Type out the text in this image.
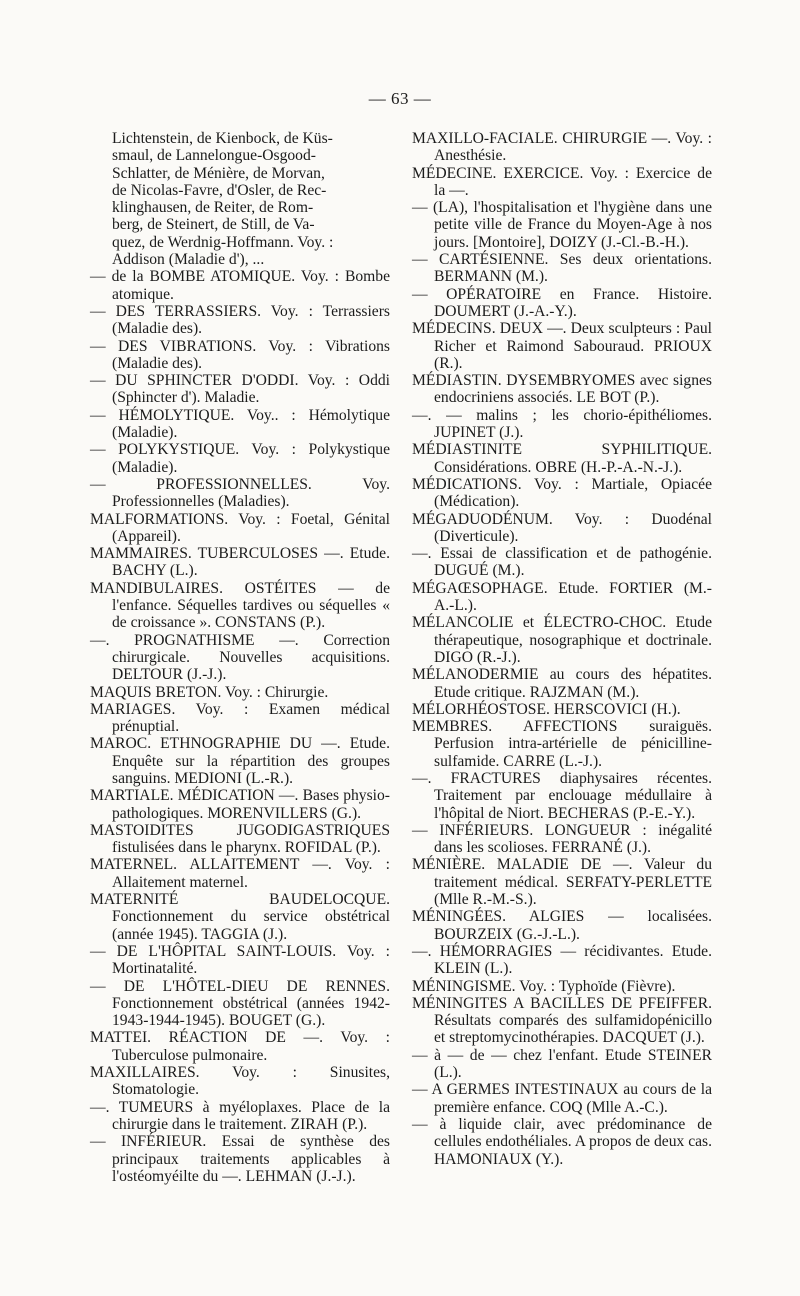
— 63 —

Lichtenstein, de Kienbock, de Küs-

smaul, de Lannelongue-Osgood-

Schlatter, de Ménière, de Morvan,

de Nicolas-Favre, d'Osler, de Rec-

klinghausen, de Reiter, de Rom-

berg, de Steinert, de Still, de Va-

quez, de Werdnig-Hoffmann. Voy. :

Addison (Maladie d'), ...

— de la BOMBE ATOMIQUE. Voy. : Bombe atomique.

— DES TERRASSIERS. Voy. : Terrassiers (Maladie des).

— DES VIBRATIONS. Voy. : Vibrations (Maladie des).

— DU SPHINCTER D'ODDI. Voy. : Oddi (Sphincter d'). Maladie.

— HÉMOLYTIQUE. Voy.. : Hémolytique (Maladie).

— POLYKYSTIQUE. Voy. : Polykystique (Maladie).

— PROFESSIONNELLES. Voy. Professionnelles (Maladies).

MALFORMATIONS. Voy. : Foetal, Génital (Appareil).

MAMMAIRES. TUBERCULOSES —. Etude. BACHY (L.).

MANDIBULAIRES. OSTÉITES — de l'enfance. Séquelles tardives ou séquelles « de croissance ». CONSTANS (P.).

—. PROGNATHISME —. Correction chirurgicale. Nouvelles acquisitions. DELTOUR (J.-J.).

MAQUIS BRETON. Voy. : Chirurgie.

MARIAGES. Voy. : Examen médical prénuptial.

MAROC. ETHNOGRAPHIE DU —. Etude. Enquête sur la répartition des groupes sanguins. MEDIONI (L.-R.).

MARTIALE. MÉDICATION —. Bases physio-pathologiques. MORENVILLERS (G.).

MASTOIDITES JUGODIGASTRIQUES fistulisées dans le pharynx. ROFIDAL (P.).

MATERNEL. ALLAITEMENT —. Voy. : Allaitement maternel.

MATERNITÉ BAUDELOCQUE. Fonctionnement du service obstétrical (année 1945). TAGGIA (J.).

— DE L'HÔPITAL SAINT-LOUIS. Voy. : Mortinatalité.

— DE L'HÔTEL-DIEU DE RENNES. Fonctionnement obstétrical (années 1942-1943-1944-1945). BOUGET (G.).

MATTEI. RÉACTION DE —. Voy. : Tuberculose pulmonaire.

MAXILLAIRES. Voy. : Sinusites, Stomatologie.

—. TUMEURS à myéloplaxes. Place de la chirurgie dans le traitement. ZIRAH (P.).

— INFÉRIEUR. Essai de synthèse des principaux traitements applicables à l'ostéomyéilte du —. LEHMAN (J.-J.).

MAXILLO-FACIALE. CHIRURGIE —. Voy. : Anesthésie.

MÉDECINE. EXERCICE. Voy. : Exercice de la —.

— (LA), l'hospitalisation et l'hygiène dans une petite ville de France du Moyen-Age à nos jours. [Montoire], DOIZY (J.-Cl.-B.-H.).

— CARTÉSIENNE. Ses deux orientations. BERMANN (M.).

— OPÉRATOIRE en France. Histoire. DOUMERT (J.-A.-Y.).

MÉDECINS. DEUX —. Deux sculpteurs : Paul Richer et Raimond Sabouraud. PRIOUX (R.).

MÉDIASTIN. DYSEMBRYOMES avec signes endocriniens associés. LE BOT (P.).

—. — malins ; les chorio-épithéliomes. JUPINET (J.).

MÉDIASTINITE SYPHILITIQUE. Considérations. OBRE (H.-P.-A.-N.-J.).

MÉDICATIONS. Voy. : Martiale, Opiacée (Médication).

MÉGADUODÉNUM. Voy. : Duodénal (Diverticule).

—. Essai de classification et de pathogénie. DUGUÉ (M.).

MÉGAŒSOPHAGE. Etude. FORTIER (M.-A.-L.).

MÉLANCOLIE et ÉLECTRO-CHOC. Etude thérapeutique, nosographique et doctrinale. DIGO (R.-J.).

MÉLANODERMIE au cours des hépatites. Etude critique. RAJZMAN (M.).

MÉLORHÉOSTOSE. HERSCOVICI (H.).

MEMBRES. AFFECTIONS suraiguës. Perfusion intra-artérielle de pénicilline-sulfamide. CARRE (L.-J.).

—. FRACTURES diaphysaires récentes. Traitement par enclouage médullaire à l'hôpital de Niort. BECHERAS (P.-E.-Y.).

— INFÉRIEURS. LONGUEUR : inégalité dans les scolioses. FERRANÉ (J.).

MÉNIÈRE. MALADIE DE —. Valeur du traitement médical. SERFATY-PERLETTE (Mlle R.-M.-S.).

MÉNINGÉES. ALGIES — localisées. BOURZEIX (G.-J.-L.).

—. HÉMORRAGIES — récidivantes. Etude. KLEIN (L.).

MÉNINGISME. Voy. : Typhoïde (Fièvre).

MÉNINGITES A BACILLES DE PFEIFFER. Résultats comparés des sulfamidopénicillo et streptomycinothérapies. DACQUET (J.).

— à — de — chez l'enfant. Etude STEINER (L.).

— A GERMES INTESTINAUX au cours de la première enfance. COQ (Mlle A.-C.).

— à liquide clair, avec prédominance de cellules endothéliales. A propos de deux cas. HAMONIAUX (Y.).
